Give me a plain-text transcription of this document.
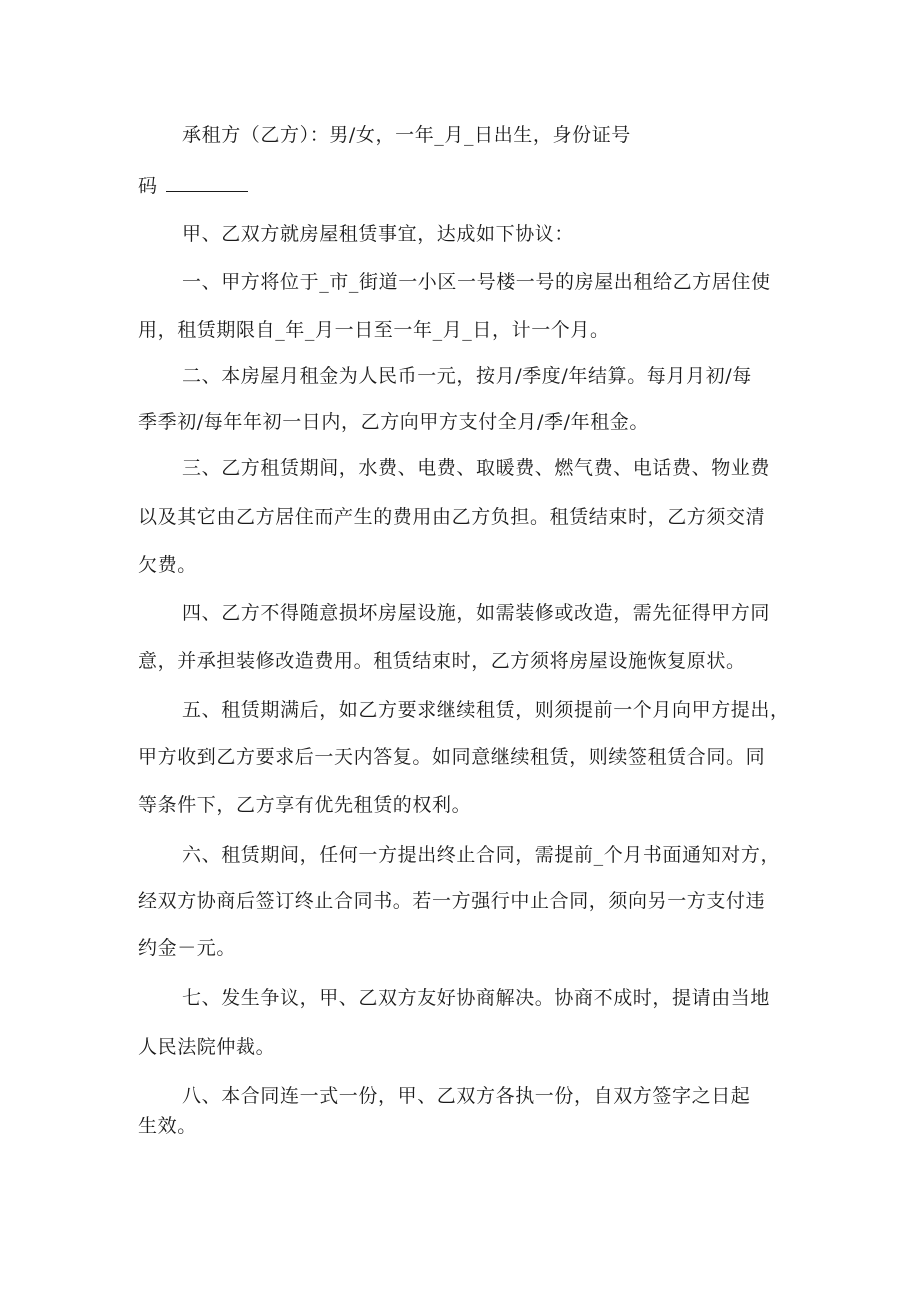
承租方（乙方）：男/女，一年_月_日出生，身份证号
码
甲、乙双方就房屋租赁事宜，达成如下协议：
一、甲方将位于_市_街道一小区一号楼一号的房屋出租给乙方居住使
用，租赁期限自_年_月一日至一年_月_日，计一个月。
二、本房屋月租金为人民币一元，按月/季度/年结算。每月月初/每
季季初/每年年初一日内，乙方向甲方支付全月/季/年租金。
三、乙方租赁期间，水费、电费、取暖费、燃气费、电话费、物业费
以及其它由乙方居住而产生的费用由乙方负担。租赁结束时，乙方须交清
欠费。
四、乙方不得随意损坏房屋设施，如需装修或改造，需先征得甲方同
意，并承担装修改造费用。租赁结束时，乙方须将房屋设施恢复原状。
五、租赁期满后，如乙方要求继续租赁，则须提前一个月向甲方提出，
甲方收到乙方要求后一天内答复。如同意继续租赁，则续签租赁合同。同
等条件下，乙方享有优先租赁的权利。
六、租赁期间，任何一方提出终止合同，需提前_个月书面通知对方，
经双方协商后签订终止合同书。若一方强行中止合同，须向另一方支付违
约金－元。
七、发生争议，甲、乙双方友好协商解决。协商不成时，提请由当地
人民法院仲裁。
八、本合同连一式一份，甲、乙双方各执一份，自双方签字之日起
生效。
